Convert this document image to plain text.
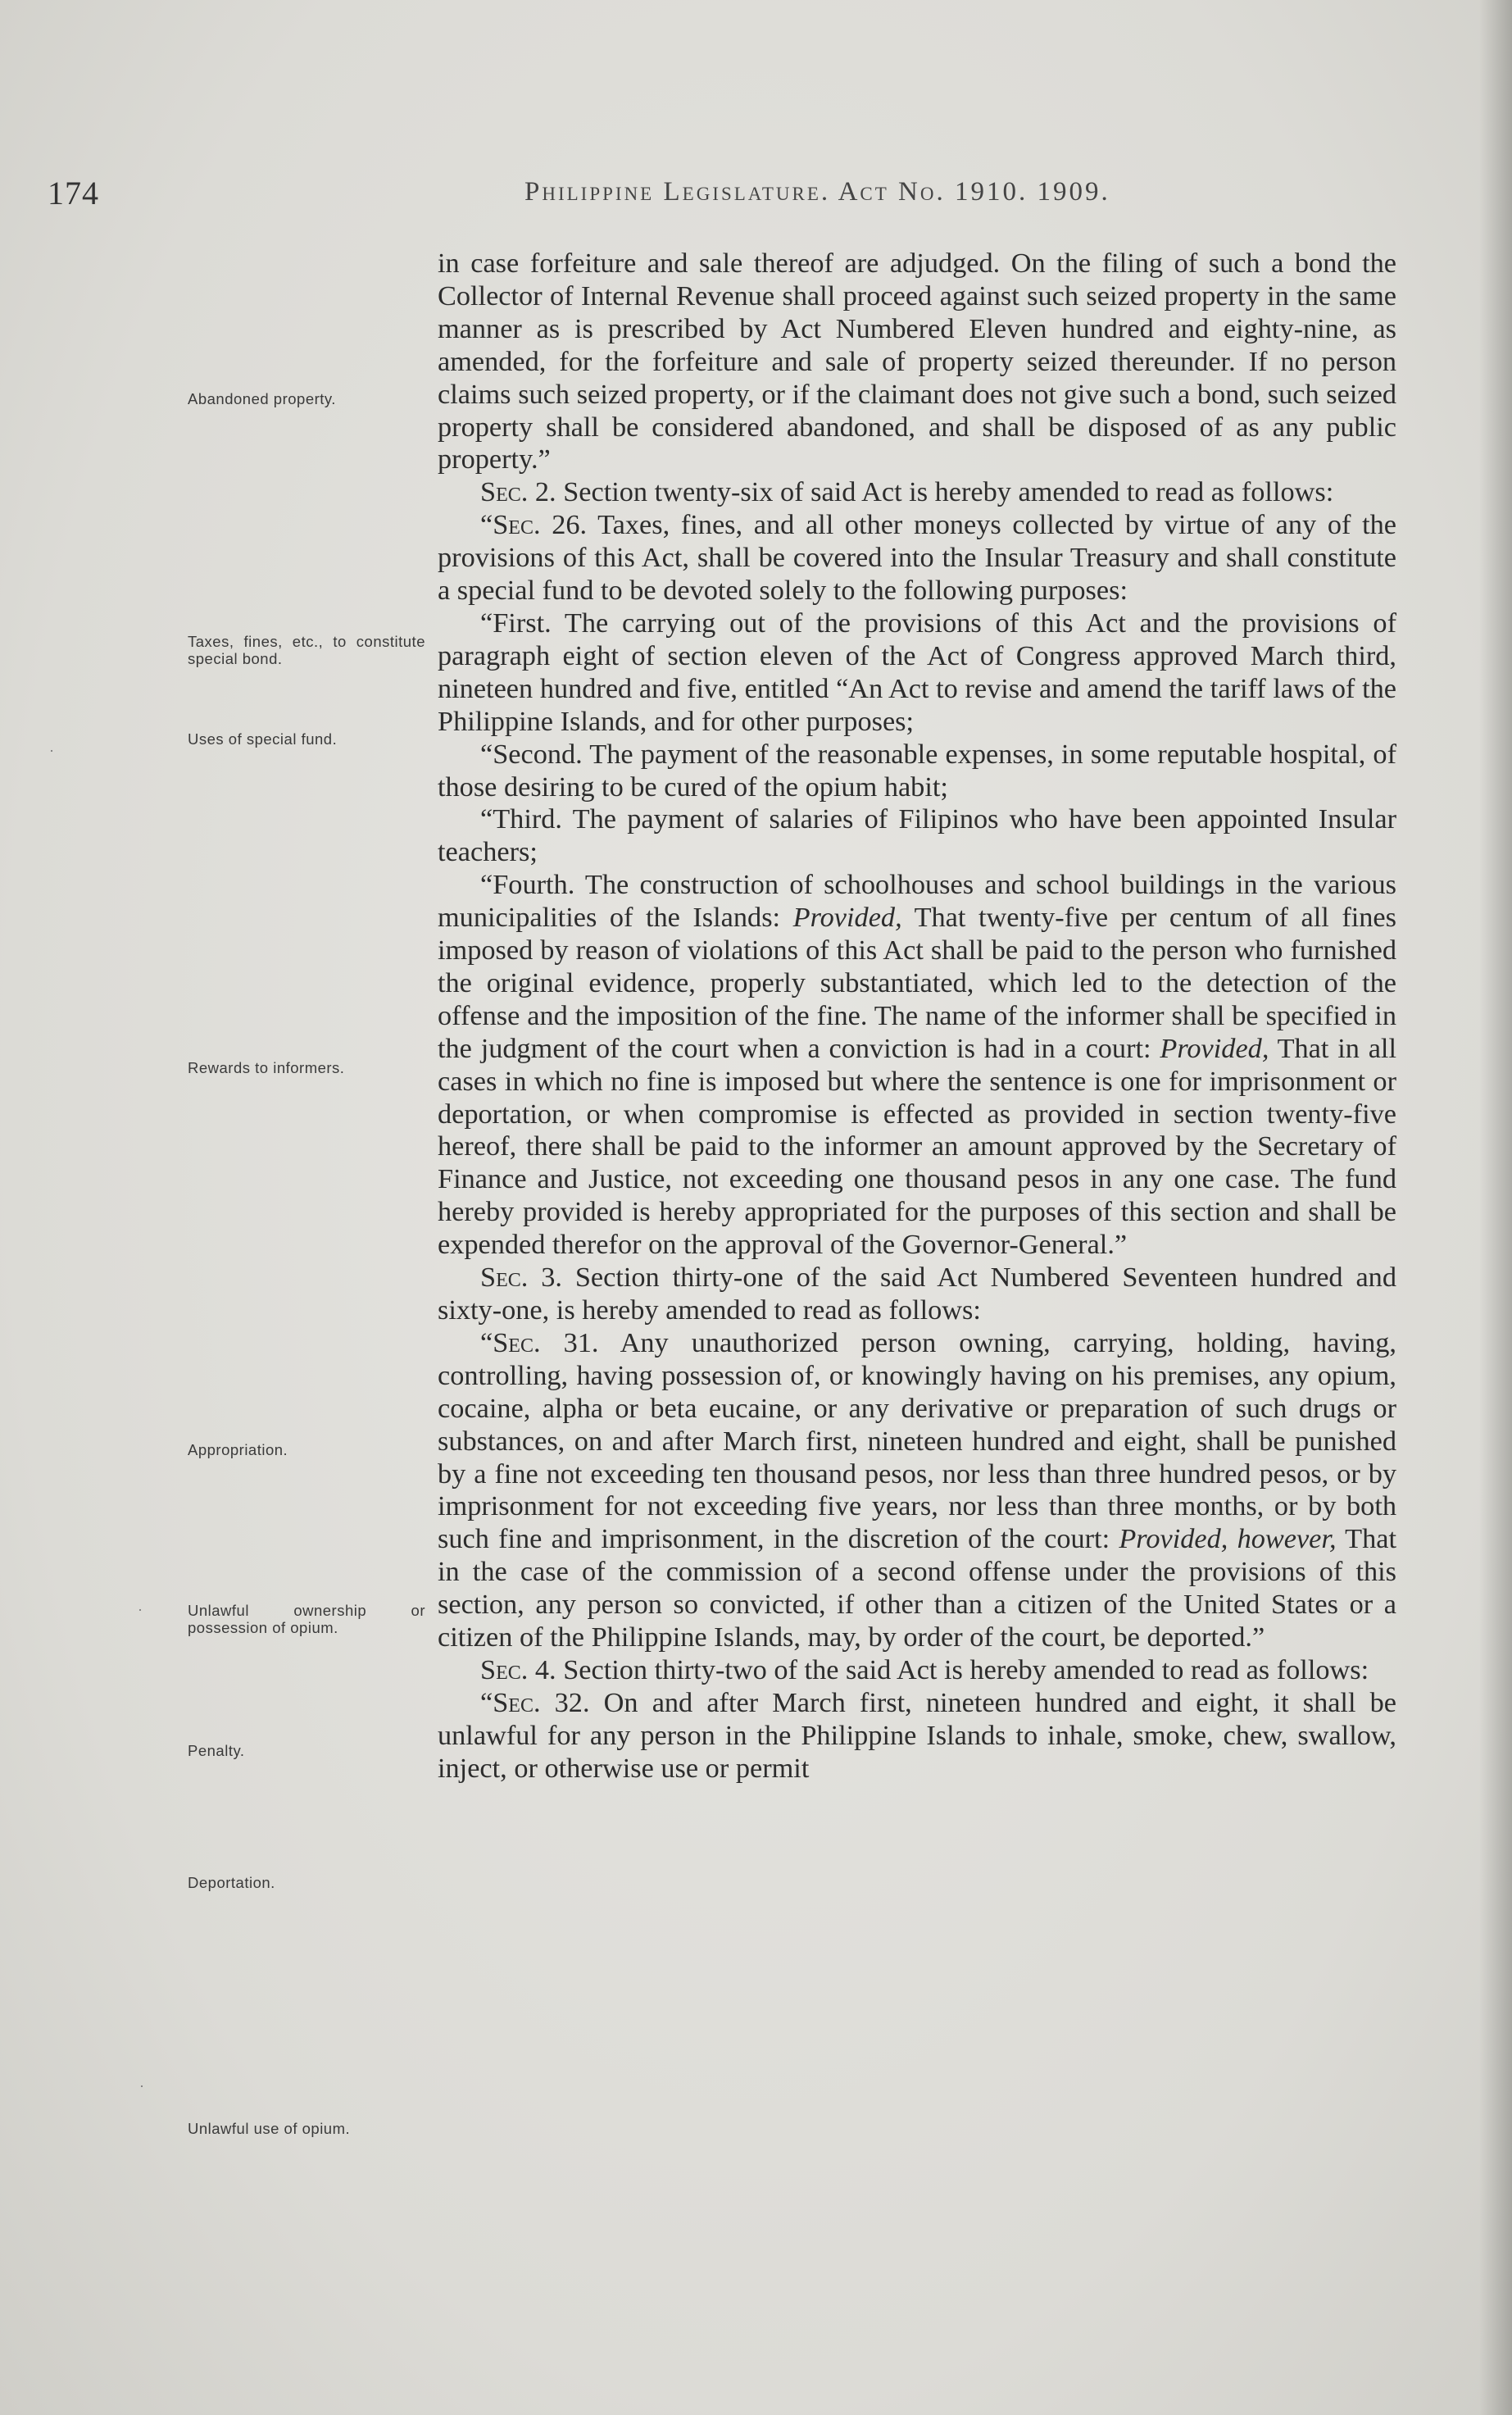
174	Philippine Legislature. Act No. 1910. 1909.
Abandoned property.
Taxes, fines, etc., to constitute special bond.
Uses of special fund.
Rewards to informers.
Appropriation.
Unlawful ownership or possession of opium.
Penalty.
Deportation.
Unlawful use of opium.
·
·
·

in case forfeiture and sale thereof are adjudged. On the filing of such a bond the Collector of Internal Revenue shall proceed against such seized property in the same manner as is prescribed by Act Numbered Eleven hundred and eighty-nine, as amended, for the forfeiture and sale of property seized thereunder. If no person claims such seized property, or if the claimant does not give such a bond, such seized property shall be considered abandoned, and shall be disposed of as any public property.”

Sec. 2. Section twenty-six of said Act is hereby amended to read as follows:

“Sec. 26. Taxes, fines, and all other moneys collected by virtue of any of the provisions of this Act, shall be covered into the Insular Treasury and shall constitute a special fund to be devoted solely to the following purposes:

“First. The carrying out of the provisions of this Act and the provisions of paragraph eight of section eleven of the Act of Congress approved March third, nineteen hundred and five, entitled “An Act to revise and amend the tariff laws of the Philippine Islands, and for other purposes;

“Second. The payment of the reasonable expenses, in some reputable hospital, of those desiring to be cured of the opium habit;

“Third. The payment of salaries of Filipinos who have been appointed Insular teachers;

“Fourth. The construction of schoolhouses and school buildings in the various municipalities of the Islands: Provided, That twenty-five per centum of all fines imposed by reason of violations of this Act shall be paid to the person who furnished the original evidence, properly substantiated, which led to the detection of the offense and the imposition of the fine. The name of the informer shall be specified in the judgment of the court when a conviction is had in a court: Provided, That in all cases in which no fine is imposed but where the sentence is one for imprisonment or deportation, or when compromise is effected as provided in section twenty-five hereof, there shall be paid to the informer an amount approved by the Secretary of Finance and Justice, not exceeding one thousand pesos in any one case. The fund hereby provided is hereby appropriated for the purposes of this section and shall be expended therefor on the approval of the Governor-General.”

Sec. 3. Section thirty-one of the said Act Numbered Seventeen hundred and sixty-one, is hereby amended to read as follows:

“Sec. 31. Any unauthorized person owning, carrying, holding, having, controlling, having possession of, or knowingly having on his premises, any opium, cocaine, alpha or beta eucaine, or any derivative or preparation of such drugs or substances, on and after March first, nineteen hundred and eight, shall be punished by a fine not exceeding ten thousand pesos, nor less than three hundred pesos, or by imprisonment for not exceeding five years, nor less than three months, or by both such fine and imprisonment, in the discretion of the court: Provided, however, That in the case of the commission of a second offense under the provisions of this section, any person so convicted, if other than a citizen of the United States or a citizen of the Philippine Islands, may, by order of the court, be deported.”

Sec. 4. Section thirty-two of the said Act is hereby amended to read as follows:

“Sec. 32. On and after March first, nineteen hundred and eight, it shall be unlawful for any person in the Philippine Islands to inhale, smoke, chew, swallow, inject, or otherwise use or permit
